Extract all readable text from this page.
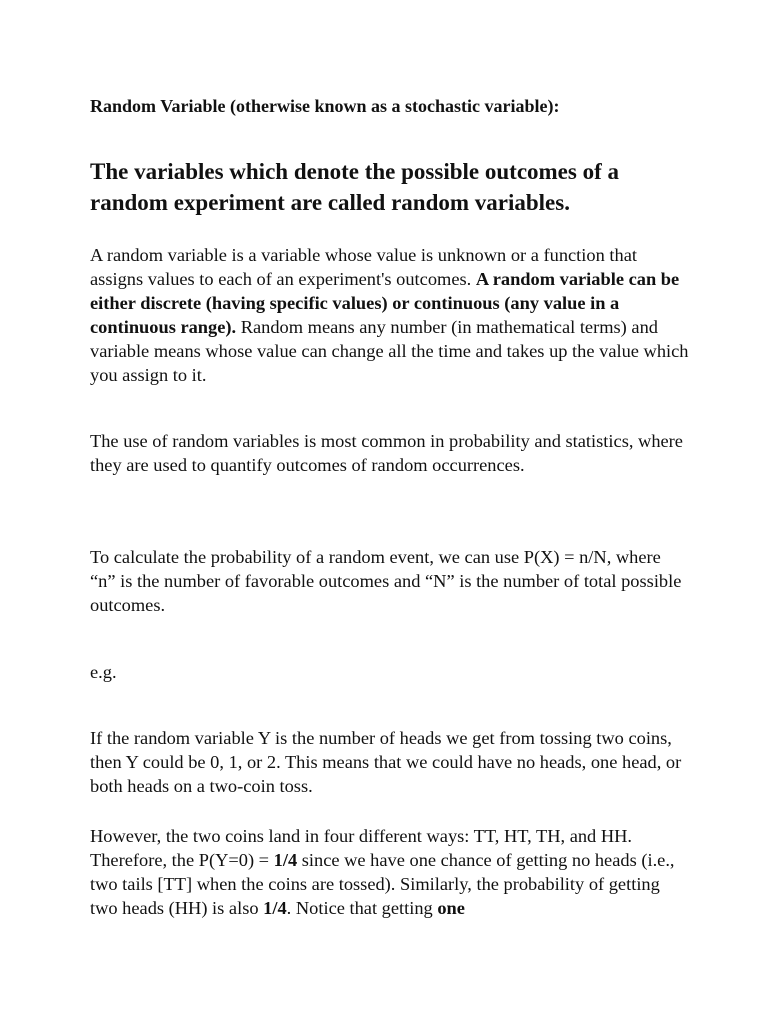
Random Variable (otherwise known as a stochastic variable):
The variables which denote the possible outcomes of a random experiment are called random variables.
A random variable is a variable whose value is unknown or a function that assigns values to each of an experiment's outcomes. A random variable can be either discrete (having specific values) or continuous (any value in a continuous range). Random means any number (in mathematical terms) and variable means whose value can change all the time and takes up the value which you assign to it.
The use of random variables is most common in probability and statistics, where they are used to quantify outcomes of random occurrences.
To calculate the probability of a random event, we can use P(X) = n/N, where “n” is the number of favorable outcomes and “N” is the number of total possible outcomes.
e.g.
If the random variable Y is the number of heads we get from tossing two coins, then Y could be 0, 1, or 2. This means that we could have no heads, one head, or both heads on a two-coin toss.
However, the two coins land in four different ways: TT, HT, TH, and HH. Therefore, the P(Y=0) = 1/4 since we have one chance of getting no heads (i.e., two tails [TT] when the coins are tossed). Similarly, the probability of getting two heads (HH) is also 1/4. Notice that getting one
